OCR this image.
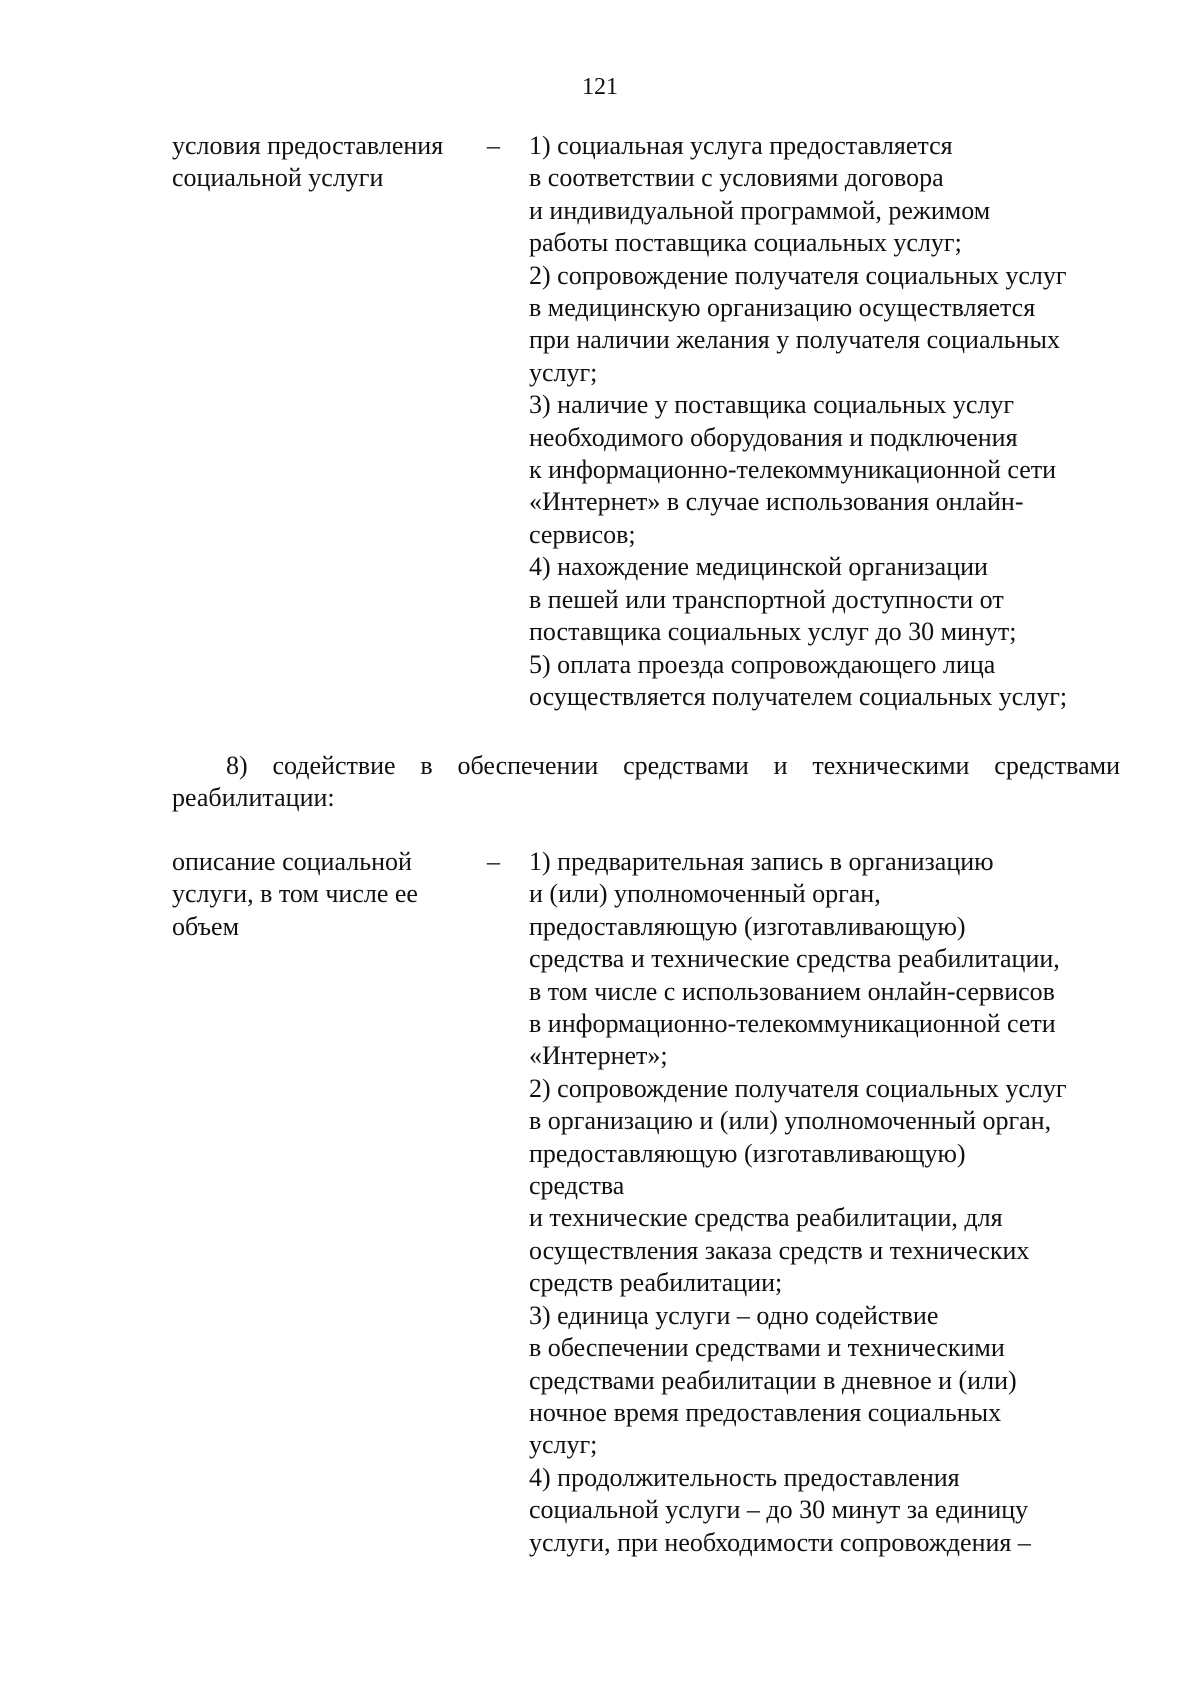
121
условия предоставления
социальной услуги
– 1) социальная услуга предоставляется
в соответствии с условиями договора
и индивидуальной программой, режимом
работы поставщика социальных услуг;
2) сопровождение получателя социальных услуг
в медицинскую организацию осуществляется
при наличии желания у получателя социальных
услуг;
3) наличие у поставщика социальных услуг
необходимого оборудования и подключения
к информационно-телекоммуникационной сети
«Интернет» в случае использования онлайн-
сервисов;
4) нахождение медицинской организации
в пешей или транспортной доступности от
поставщика социальных услуг до 30 минут;
5) оплата проезда сопровождающего лица
осуществляется получателем социальных услуг;
8) содействие в обеспечении средствами и техническими средствами
реабилитации:
описание социальной
услуги, в том числе ее
объем
– 1) предварительная запись в организацию
и (или) уполномоченный орган,
предоставляющую (изготавливающую)
средства и технические средства реабилитации,
в том числе с использованием онлайн-сервисов
в информационно-телекоммуникационной сети
«Интернет»;
2) сопровождение получателя социальных услуг
в организацию и (или) уполномоченный орган,
предоставляющую (изготавливающую)
средства
и технические средства реабилитации, для
осуществления заказа средств и технических
средств реабилитации;
3) единица услуги – одно содействие
в обеспечении средствами и техническими
средствами реабилитации в дневное и (или)
ночное время предоставления социальных
услуг;
4) продолжительность предоставления
социальной услуги – до 30 минут за единицу
услуги, при необходимости сопровождения –
